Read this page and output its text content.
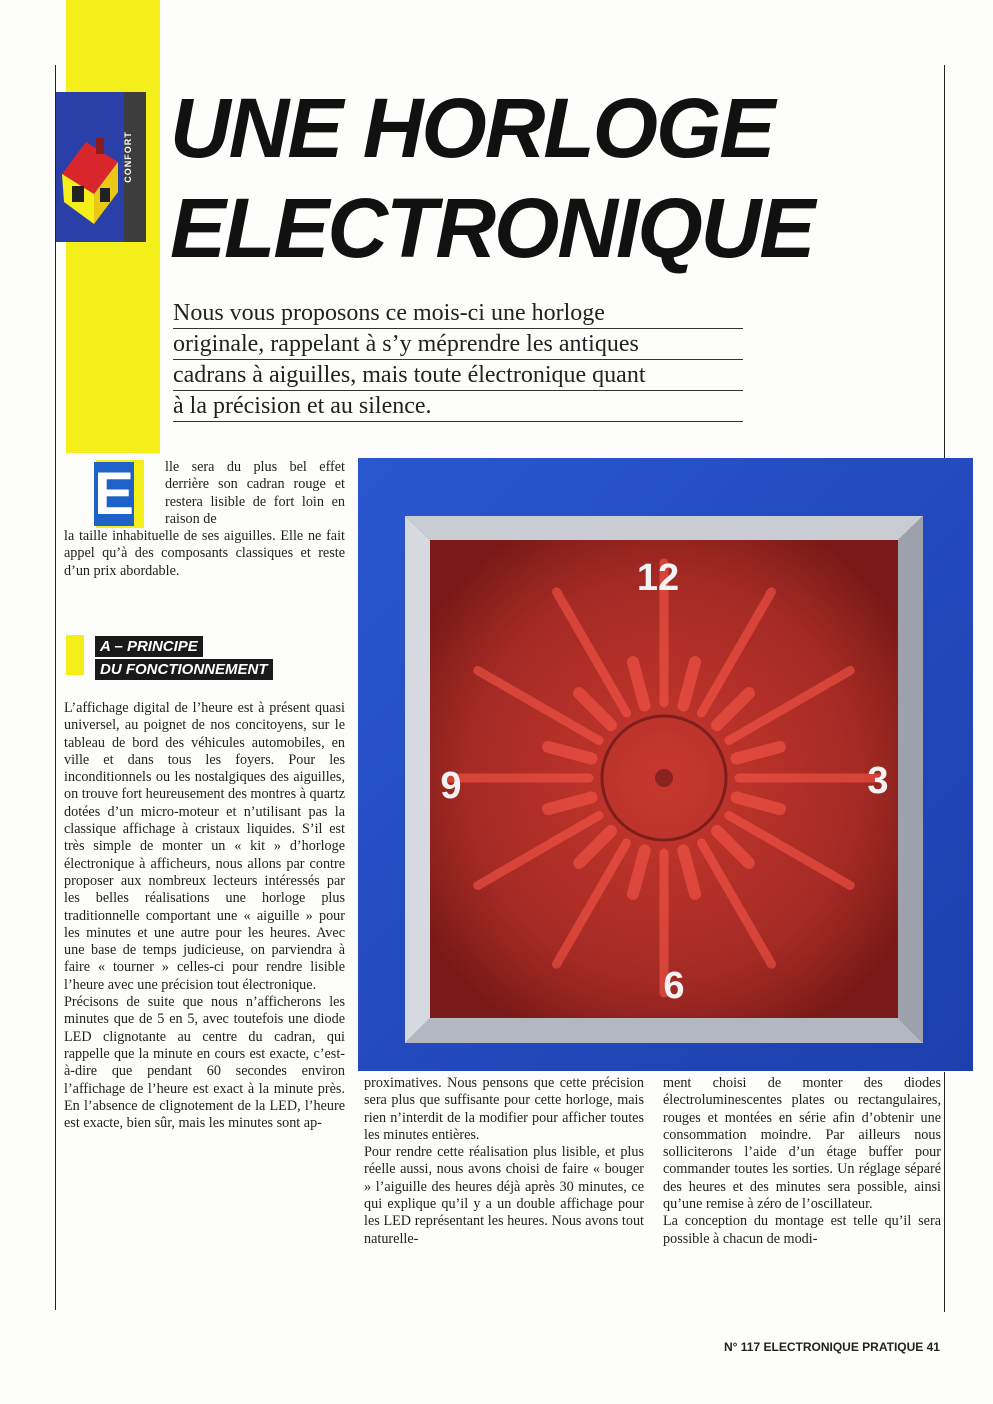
CONFORT UNE HORLOGE
ELECTRONIQUE
Nous vous proposons ce mois-ci une horloge
originale, rappelant à s’y méprendre les antiques
cadrans à aiguilles, mais toute électronique quant
à la précision et au silence.
E lle sera du plus bel effet derrière son cadran rouge et restera lisible de fort loin en raison de

la taille inhabituelle de ses aiguilles. Elle ne fait appel qu’à des composants classiques et reste d’un prix abordable.

A – PRINCIPE
DU FONCTIONNEMENT

L’affichage digital de l’heure est à présent quasi universel, au poignet de nos concitoyens, sur le tableau de bord des véhicules automobiles, en ville et dans tous les foyers. Pour les inconditionnels ou les nostalgiques des aiguilles, on trouve fort heureusement des montres à quartz dotées d’un micro-moteur et n’utilisant pas la classique affichage à cristaux liquides. S’il est très simple de monter un « kit » d’horloge électronique à afficheurs, nous allons par contre proposer aux nombreux lecteurs intéressés par les belles réalisations une horloge plus traditionnelle comportant une « aiguille » pour les minutes et une autre pour les heures. Avec une base de temps judicieuse, on parviendra à faire « tourner » celles-ci pour rendre lisible l’heure avec une précision tout électronique.

Précisons de suite que nous n’afficherons les minutes que de 5 en 5, avec toutefois une diode LED clignotante au centre du cadran, qui rappelle que la minute en cours est exacte, c’est-à-dire que pendant 60 secondes environ l’affichage de l’heure est exact à la minute près. En l’absence de clignotement de la LED, l’heure est exacte, bien sûr, mais les minutes sont ap-

12
3
6
9

proximatives. Nous pensons que cette précision sera plus que suffisante pour cette horloge, mais rien n’interdit de la modifier pour afficher toutes les minutes entières.

Pour rendre cette réalisation plus lisible, et plus réelle aussi, nous avons choisi de faire « bouger » l’aiguille des heures déjà après 30 minutes, ce qui explique qu’il y a un double affichage pour les LED représentant les heures. Nous avons tout naturelle-

ment choisi de monter des diodes électroluminescentes plates ou rectangulaires, rouges et montées en série afin d’obtenir une consommation moindre. Par ailleurs nous solliciterons l’aide d’un étage buffer pour commander toutes les sorties. Un réglage séparé des heures et des minutes sera possible, ainsi qu’une remise à zéro de l’oscillateur.

La conception du montage est telle qu’il sera possible à chacun de modi-

N° 117 ELECTRONIQUE PRATIQUE 41
